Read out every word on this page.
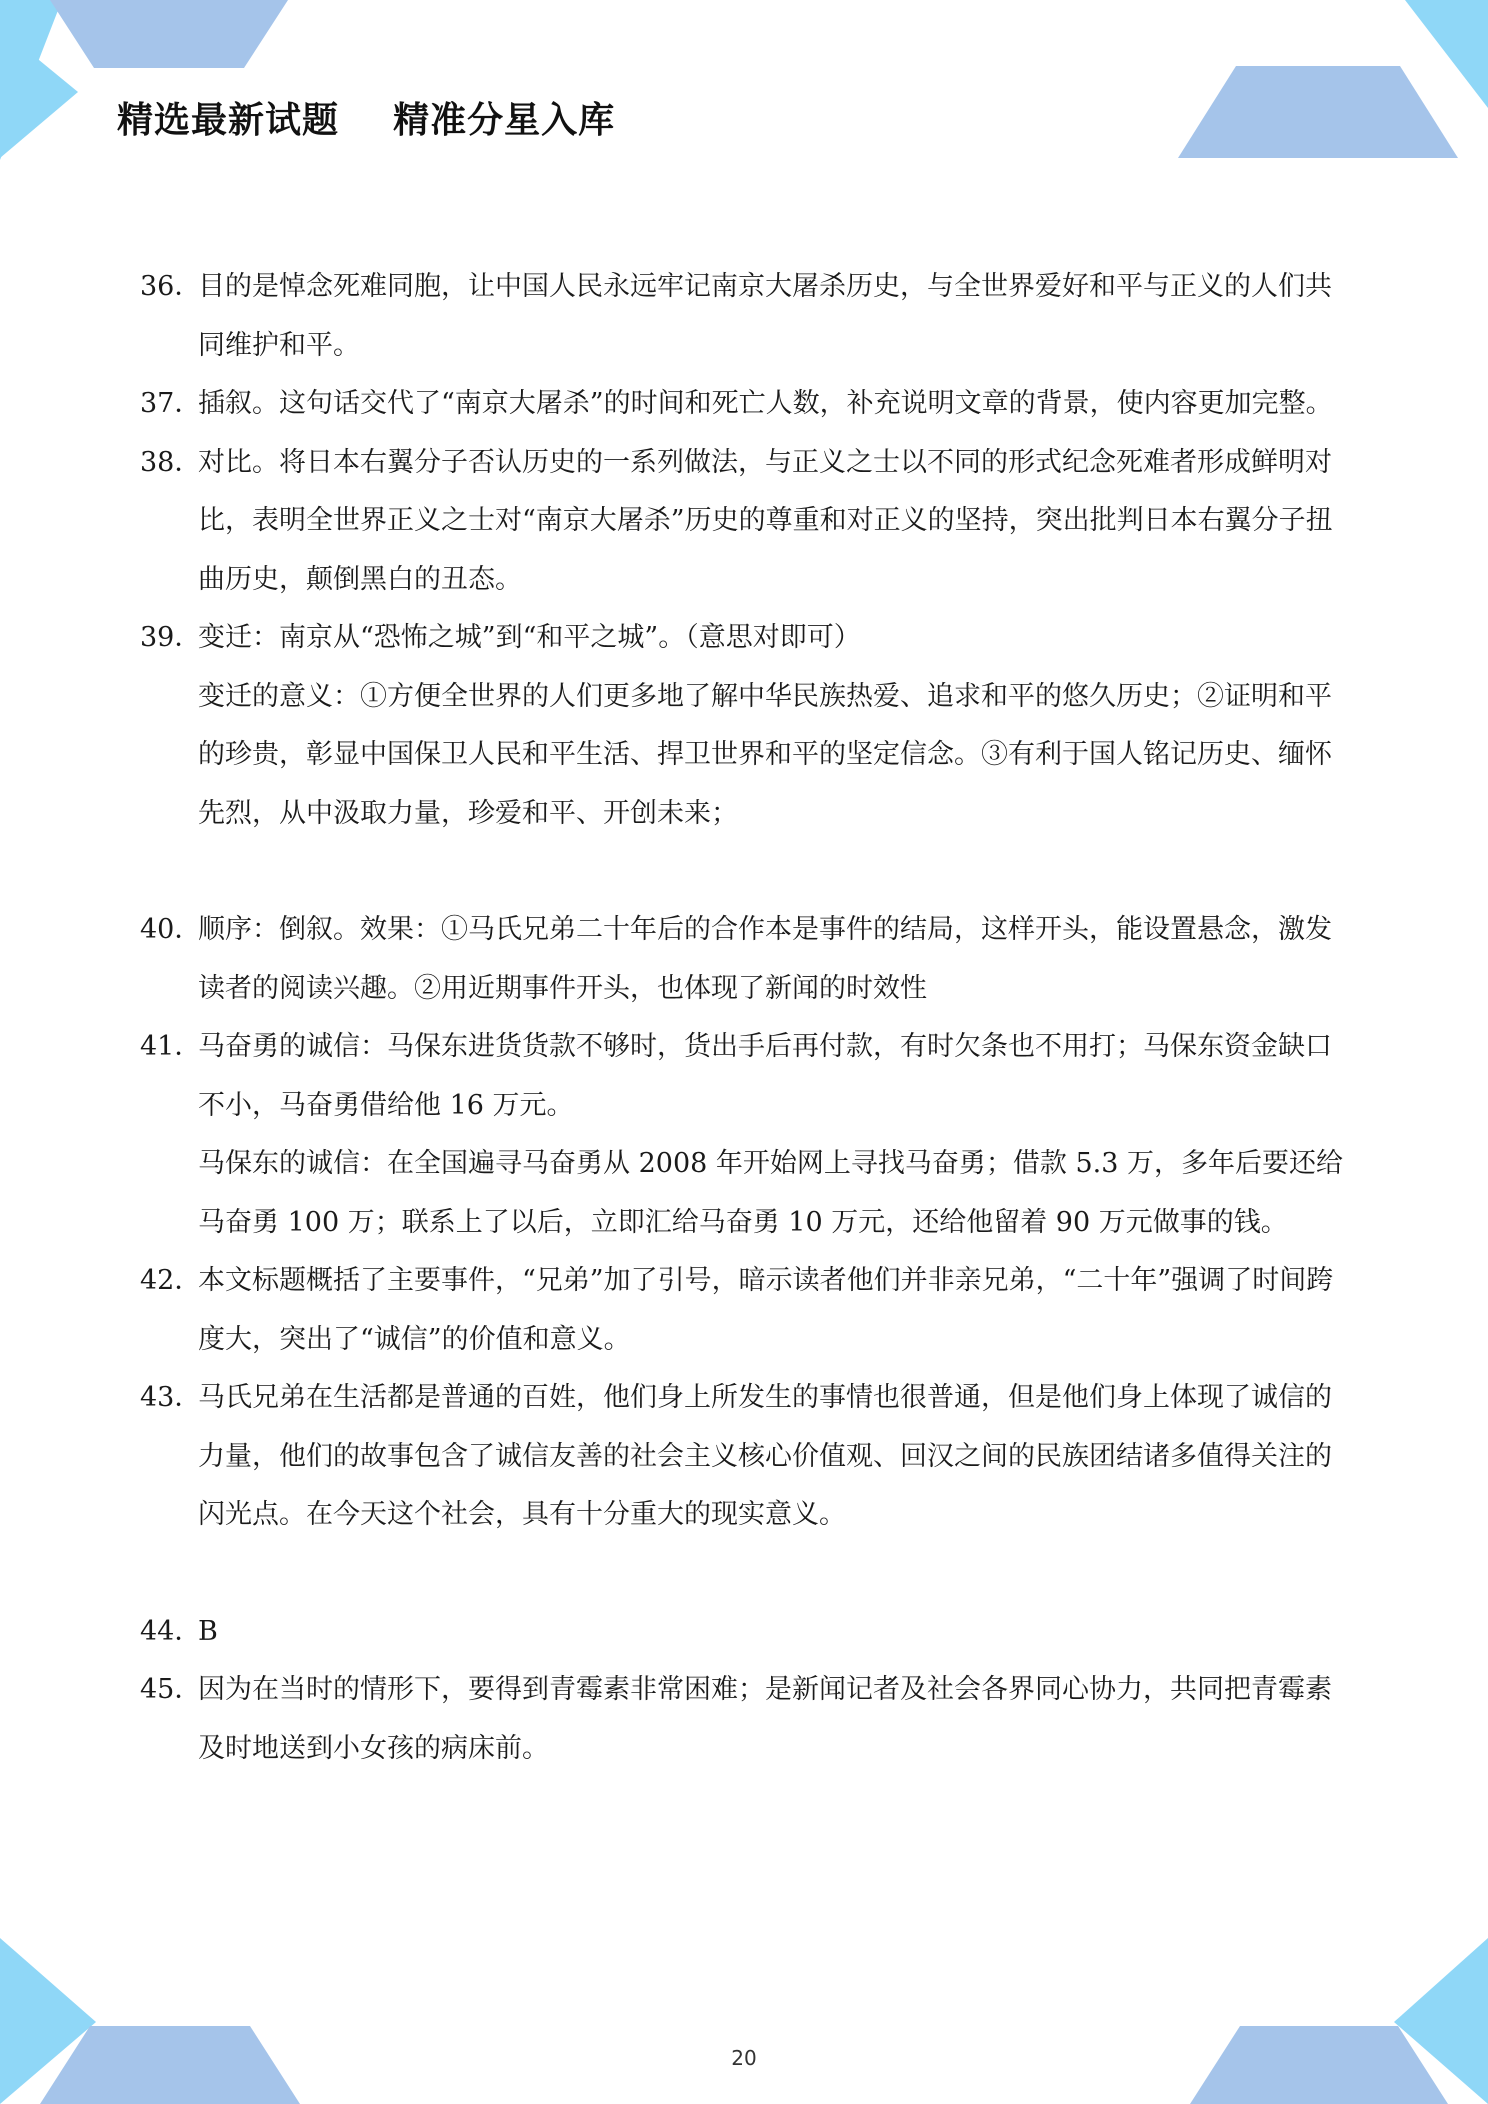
精选最新试题    精准分星入库
36．
目的是悼念死难同胞，让中国人民永远牢记南京大屠杀历史，与全世界爱好和平与正义的人们共同维护和平。
37．
插叙。这句话交代了“南京大屠杀”的时间和死亡人数，补充说明文章的背景，使内容更加完整。
38．
对比。将日本右翼分子否认历史的一系列做法，与正义之士以不同的形式纪念死难者形成鲜明对比，表明全世界正义之士对“南京大屠杀”历史的尊重和对正义的坚持，突出批判日本右翼分子扭曲历史，颠倒黑白的丑态。
39．
变迁：南京从“恐怖之城”到“和平之城”。（意思对即可）
变迁的意义：①方便全世界的人们更多地了解中华民族热爱、追求和平的悠久历史；②证明和平的珍贵，彰显中国保卫人民和平生活、捍卫世界和平的坚定信念。③有利于国人铭记历史、缅怀先烈，从中汲取力量，珍爱和平、开创未来；
40．
顺序：倒叙。效果：①马氏兄弟二十年后的合作本是事件的结局，这样开头，能设置悬念，激发读者的阅读兴趣。②用近期事件开头，也体现了新闻的时效性
41．
马奋勇的诚信：马保东进货货款不够时，货出手后再付款，有时欠条也不用打；马保东资金缺口不小，马奋勇借给他 16 万元。
马保东的诚信：在全国遍寻马奋勇从 2008 年开始网上寻找马奋勇；借款 5.3 万，多年后要还给马奋勇 100 万；联系上了以后，立即汇给马奋勇 10 万元，还给他留着 90 万元做事的钱。
42．
本文标题概括了主要事件，“兄弟”加了引号，暗示读者他们并非亲兄弟，“二十年”强调了时间跨度大，突出了“诚信”的价值和意义。
43．
马氏兄弟在生活都是普通的百姓，他们身上所发生的事情也很普通，但是他们身上体现了诚信的力量，他们的故事包含了诚信友善的社会主义核心价值观、回汉之间的民族团结诸多值得关注的闪光点。在今天这个社会，具有十分重大的现实意义。
44．
B
45．
因为在当时的情形下，要得到青霉素非常困难；是新闻记者及社会各界同心协力，共同把青霉素及时地送到小女孩的病床前。
20
